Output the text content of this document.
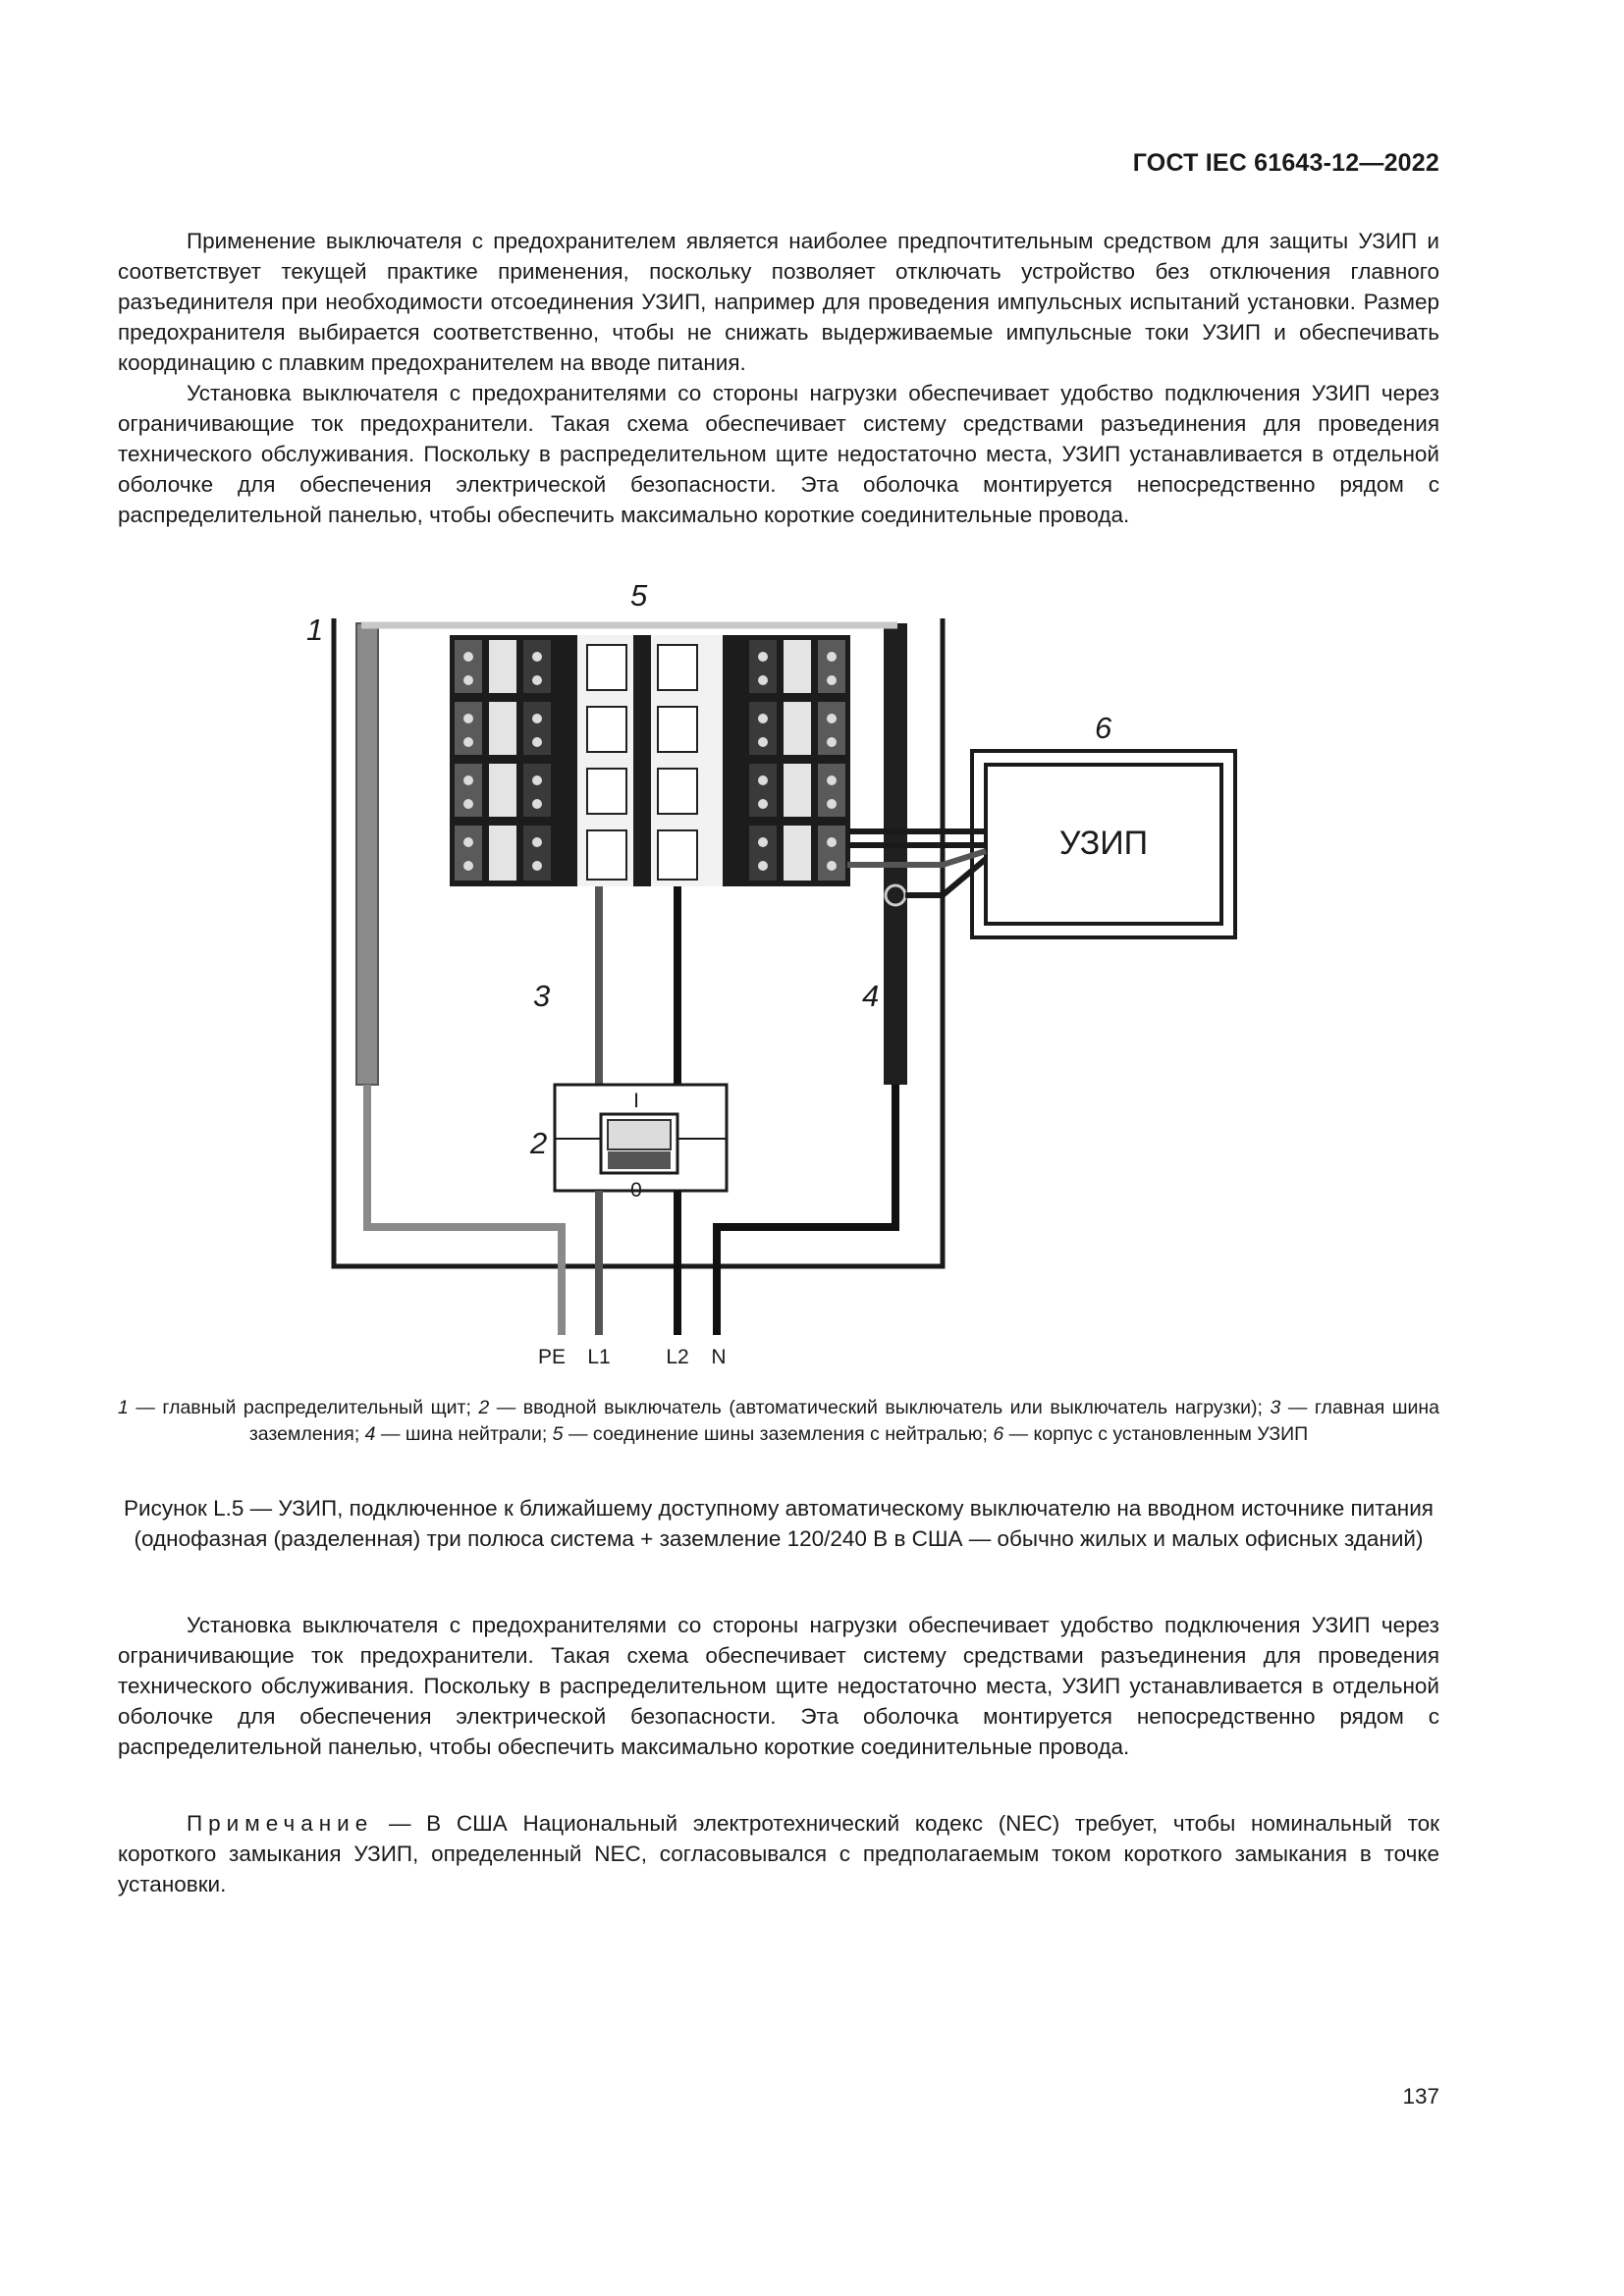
ГОСТ IEC 61643-12—2022

Применение выключателя с предохранителем является наиболее предпочтительным средством для защиты УЗИП и соответствует текущей практике применения, поскольку позволяет отключать устройство без отключения главного разъединителя при необходимости отсоединения УЗИП, например для проведения импульсных испытаний установки. Размер предохранителя выбирается соответственно, чтобы не снижать выдерживаемые импульсные токи УЗИП и обеспечивать координацию с плавким предохранителем на вводе питания.

Установка выключателя с предохранителями со стороны нагрузки обеспечивает удобство подключения УЗИП через ограничивающие ток предохранители. Такая схема обеспечивает систему средствами разъединения для проведения технического обслуживания. Поскольку в распределительном щите недостаточно места, УЗИП устанавливается в отдельной оболочке для обеспечения электрической безопасности. Эта оболочка монтируется непосредственно рядом с распределительной панелью, чтобы обеспечить максимально короткие соединительные провода.

I
0
УЗИП
1
3	4
5
6
2
PE L1	L2 N

1 — главный распределительный щит; 2 — вводной выключатель (автоматический выключатель или выключатель нагрузки); 3 — главная шина заземления; 4 — шина нейтрали; 5 — соединение шины заземления с нейтралью; 6 — корпус с установленным УЗИП

Рисунок L.5 — УЗИП, подключенное к ближайшему доступному автоматическому выключателю на вводном источнике питания (однофазная (разделенная) три полюса система + заземление 120/240 В в США — обычно жилых и малых офисных зданий)

Установка выключателя с предохранителями со стороны нагрузки обеспечивает удобство подключения УЗИП через ограничивающие ток предохранители. Такая схема обеспечивает систему средствами разъединения для проведения технического обслуживания. Поскольку в распределительном щите недостаточно места, УЗИП устанавливается в отдельной оболочке для обеспечения электрической безопасности. Эта оболочка монтируется непосредственно рядом с распределительной панелью, чтобы обеспечить максимально короткие соединительные провода.

Примечание — В США Национальный электротехнический кодекс (NEC) требует, чтобы номинальный ток короткого замыкания УЗИП, определенный NEC, согласовывался с предполагаемым током короткого замыкания в точке установки.

137
